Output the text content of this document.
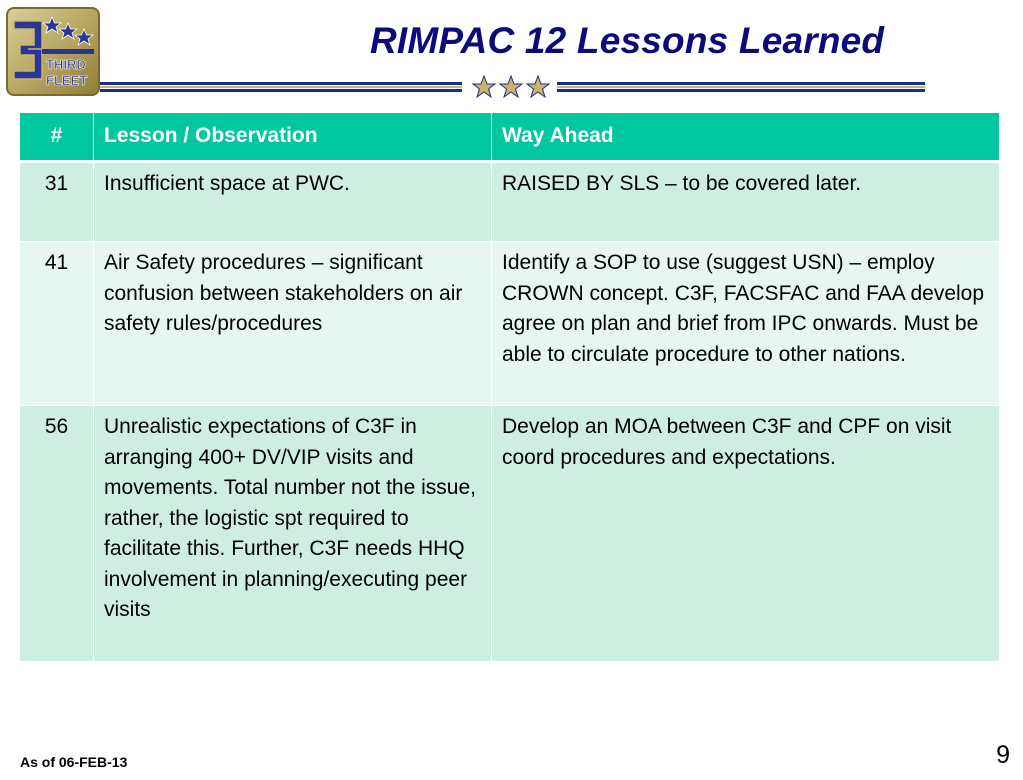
THIRD
FLEET
RIMPAC 12 Lessons Learned
#	Lesson / Observation	Way Ahead
31	Insufficient space at PWC.	RAISED BY SLS – to be covered later.
41	Air Safety procedures – significant confusion between stakeholders on air safety rules/procedures	Identify a SOP to use (suggest USN) – employ CROWN concept. C3F, FACSFAC and FAA develop agree on plan and brief from IPC onwards. Must be able to circulate procedure to other nations.
56	Unrealistic expectations of C3F in arranging 400+ DV/VIP visits and movements. Total number not the issue, rather, the logistic spt required to facilitate this. Further, C3F needs HHQ involvement in planning/executing peer visits	Develop an MOA between C3F and CPF on visit coord procedures and expectations.
As of 06-FEB-13	9
